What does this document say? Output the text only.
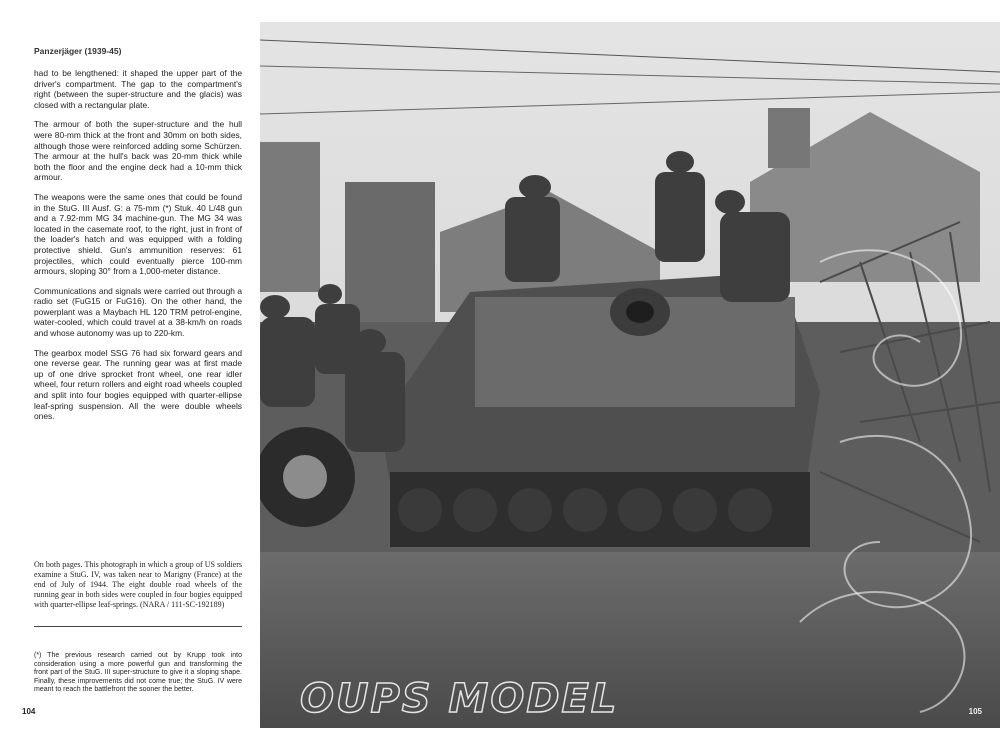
Panzerjäger (1939-45)

had to be lengthened: it shaped the upper part of the driver's compartment. The gap to the compartment's right (between the super-structure and the glacis) was closed with a rectangular plate.

The armour of both the super-structure and the hull were 80-mm thick at the front and 30mm on both sides, although those were reinforced adding some Schürzen. The armour at the hull's back was 20-mm thick while both the floor and the engine deck had a 10-mm thick armour.

The weapons were the same ones that could be found in the StuG. III Ausf. G: a 75-mm (*) Stuk. 40 L/48 gun and a 7.92-mm MG 34 machine-gun. The MG 34 was located in the casemate roof, to the right, just in front of the loader's hatch and was equipped with a folding protective shield. Gun's ammunition reserves: 61 projectiles, which could eventually pierce 100-mm armours, sloping 30° from a 1,000-meter distance.

Communications and signals were carried out through a radio set (FuG15 or FuG16). On the other hand, the powerplant was a Maybach HL 120 TRM petrol-engine, water-cooled, which could travel at a 38-km/h on roads and whose autonomy was up to 220-km.

The gearbox model SSG 76 had six forward gears and one reverse gear. The running gear was at first made up of one drive sprocket front wheel, one rear idler wheel, four return rollers and eight road wheels coupled and split into four bogies equipped with quarter-ellipse leaf-spring suspension. All the were double wheels ones.

On both pages. This photograph in which a group of US soldiers examine a StuG. IV, was taken near to Marigny (France) at the end of July of 1944. The eight double road wheels of the running gear in both sides were coupled in four bogies equipped with quarter-ellipse leaf-springs. (NARA / 111-SC-192189)
(*) The previous research carried out by Krupp took into consideration using a more powerful gun and transforming the front part of the StuG. III super-structure to give it a sloping shape. Finally, these improvements did not come true; the StuG. IV were meant to reach the battlefront the sooner the better.
104	OUPS MODEL	105
